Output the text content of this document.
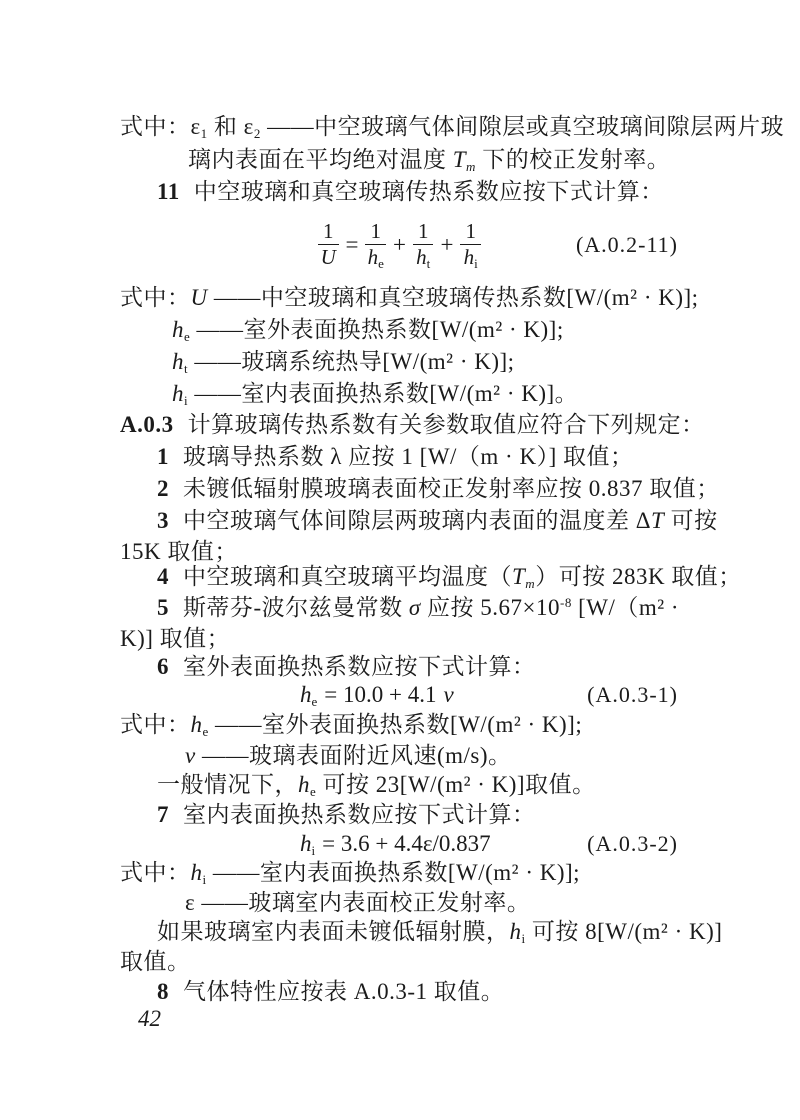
式中：$\varepsilon_1$ 和 $\varepsilon_2$ ——中空玻璃气体间隙层或真空玻璃间隙层两片玻
璃内表面在平均绝对温度 $T_m$ 下的校正发射率。
11 中空玻璃和真空玻璃传热系数应按下式计算：
$\frac{1}{U} = \frac{1}{h_e} + \frac{1}{h_t} + \frac{1}{h_i}$	(A.0.2-11)
式中：U ——中空玻璃和真空玻璃传热系数[W/(m² · K)];
$h_e$ ——室外表面换热系数[W/(m² · K)];
$h_t$ ——玻璃系统热导[W/(m² · K)];
$h_i$ ——室内表面换热系数[W/(m² · K)]。
A.0.3 计算玻璃传热系数有关参数取值应符合下列规定：
1 玻璃导热系数 λ 应按 1 [W/（m · K）] 取值；
2 未镀低辐射膜玻璃表面校正发射率应按 0.837 取值；
3 中空玻璃气体间隙层两玻璃内表面的温度差 ΔT 可按
15K 取值；
4 中空玻璃和真空玻璃平均温度$(T_m)$可按 283K 取值；
5 斯蒂芬-波尔兹曼常数 σ 应按 $5.67\times 10^{-8}$ [W/（m² ·
K)] 取值；
6 室外表面换热系数应按下式计算：
$h_e = 10.0 + 4.1$ v	(A.0.3-1)
式中：$h_e$ ——室外表面换热系数[W/(m² · K)];
v ——玻璃表面附近风速(m/s)。
一般情况下，$h_e$ 可按 23[W/(m² · K)]取值。
7 室内表面换热系数应按下式计算：
$h_i = 3.6 + 4.4\varepsilon/0.837$	(A.0.3-2)
式中：$h_i$ ——室内表面换热系数[W/(m² · K)];
ε ——玻璃室内表面校正发射率。
如果玻璃室内表面未镀低辐射膜，$h_i$ 可按 8[W/(m² · K)]
取值。
8 气体特性应按表 A.0.3-1 取值。
42
